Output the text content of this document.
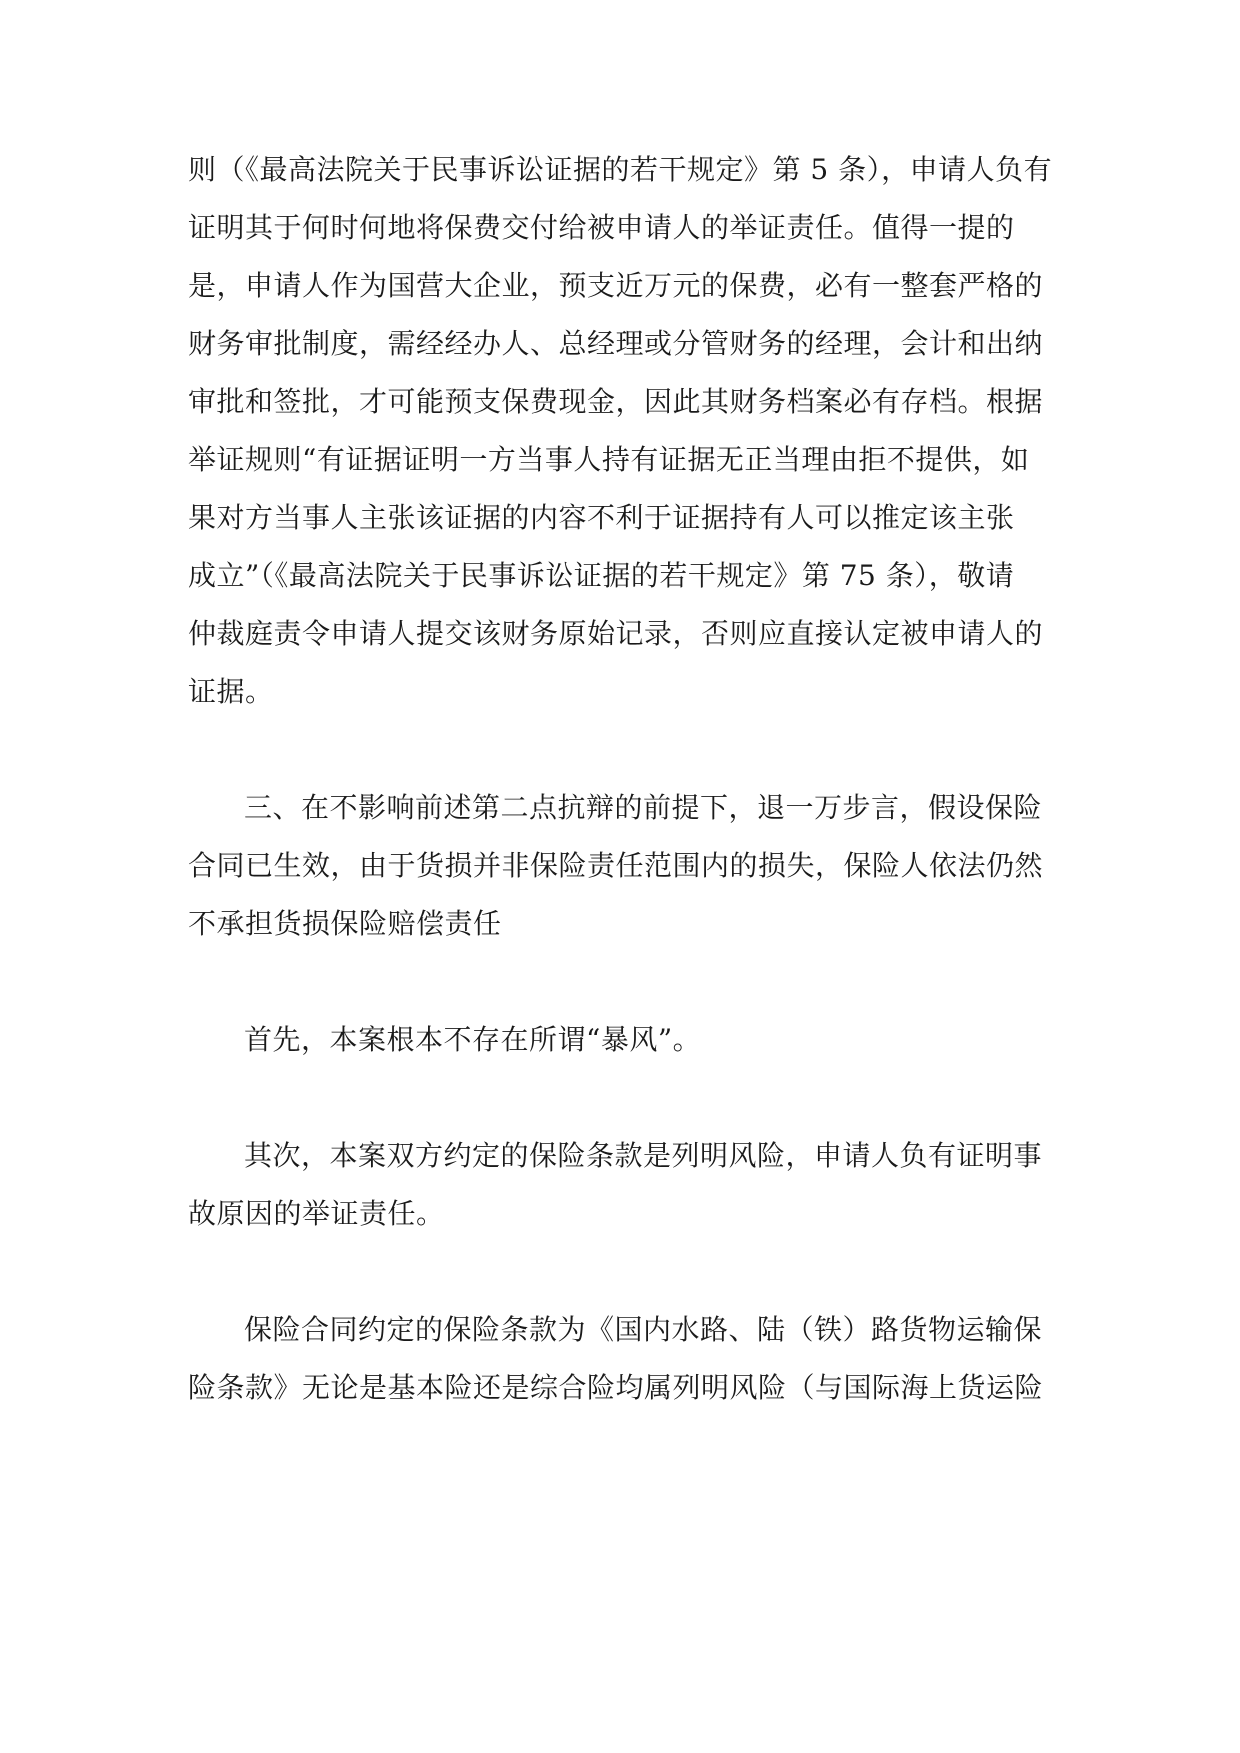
则（《最高法院关于民事诉讼证据的若干规定》第 5 条），申请人负有
证明其于何时何地将保费交付给被申请人的举证责任。值得一提的
是，申请人作为国营大企业，预支近万元的保费，必有一整套严格的
财务审批制度，需经经办人、总经理或分管财务的经理，会计和出纳
审批和签批，才可能预支保费现金，因此其财务档案必有存档。根据
举证规则“有证据证明一方当事人持有证据无正当理由拒不提供，如
果对方当事人主张该证据的内容不利于证据持有人可以推定该主张
成立”（《最高法院关于民事诉讼证据的若干规定》第 75 条），敬请
仲裁庭责令申请人提交该财务原始记录，否则应直接认定被申请人的
证据。
三、在不影响前述第二点抗辩的前提下，退一万步言，假设保险
合同已生效，由于货损并非保险责任范围内的损失，保险人依法仍然
不承担货损保险赔偿责任
首先，本案根本不存在所谓“暴风”。
其次，本案双方约定的保险条款是列明风险，申请人负有证明事
故原因的举证责任。
保险合同约定的保险条款为《国内水路、陆（铁）路货物运输保
险条款》无论是基本险还是综合险均属列明风险（与国际海上货运险
